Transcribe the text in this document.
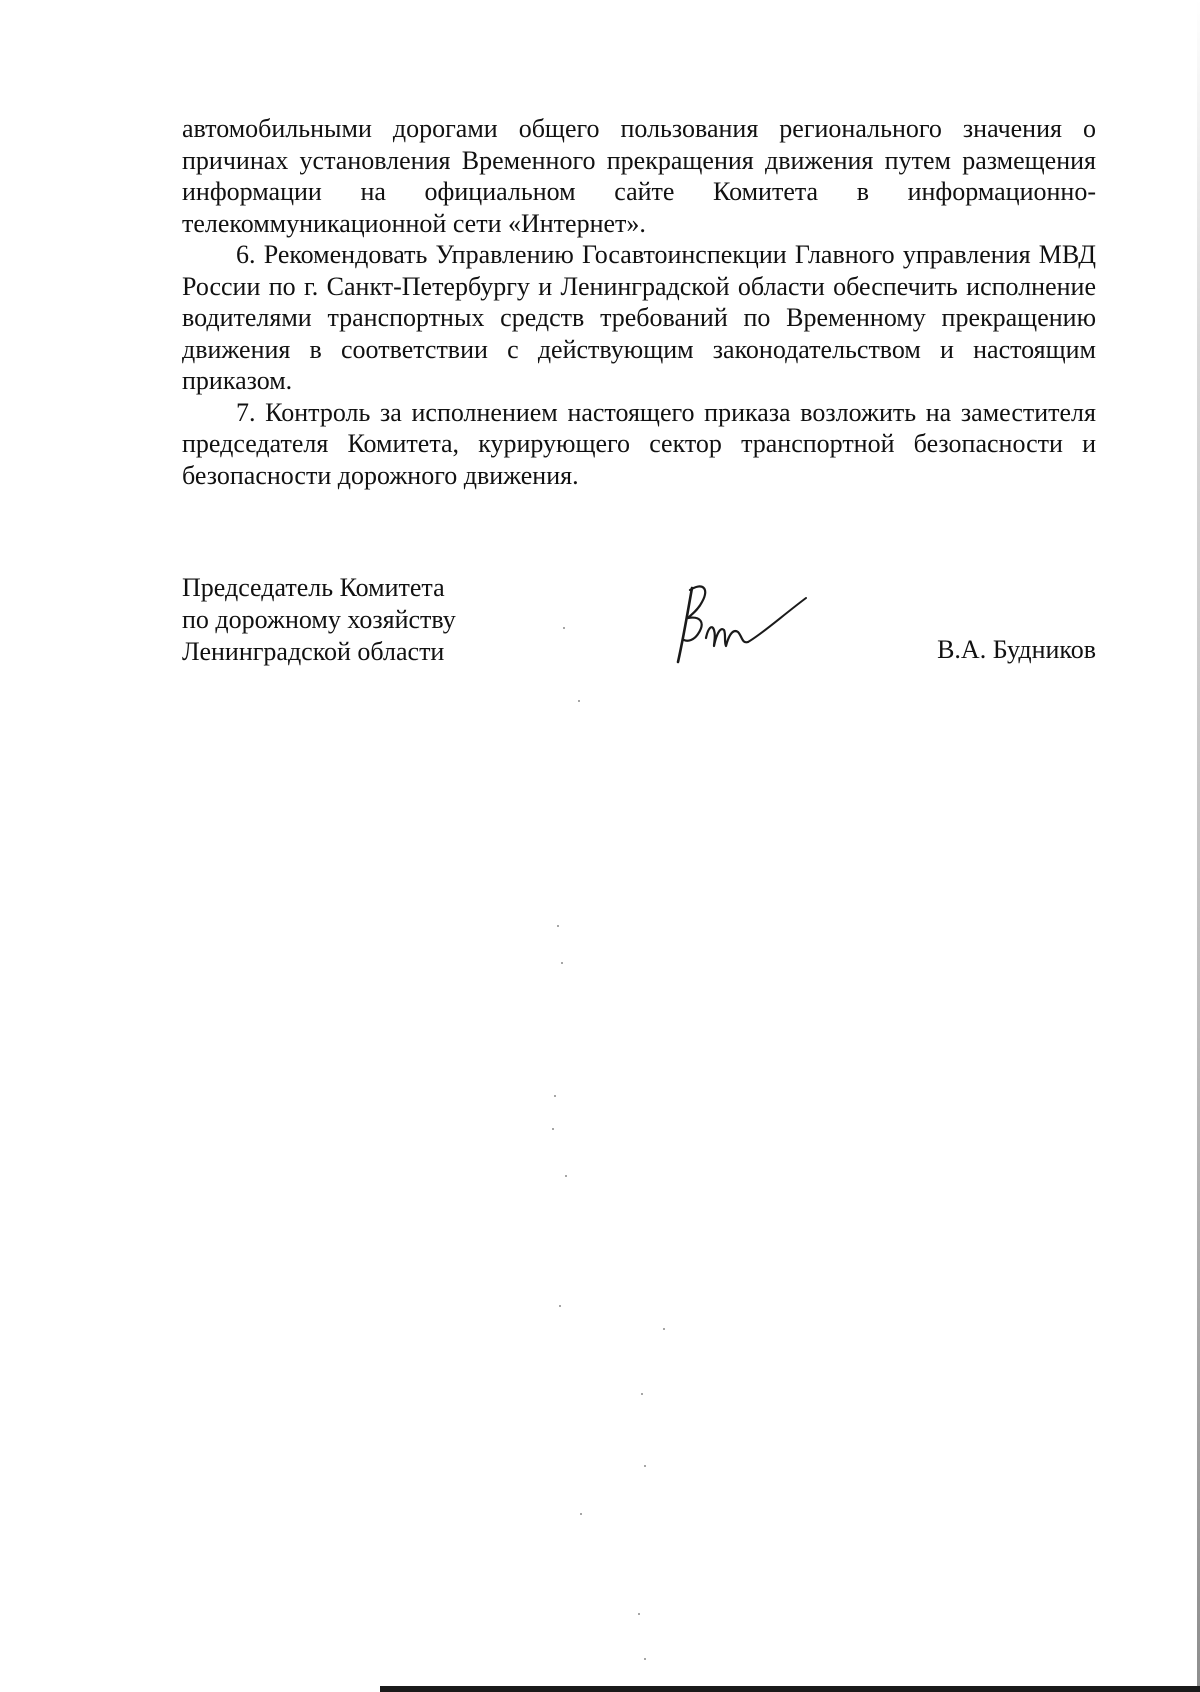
автомобильными дорогами общего пользования регионального значения о причинах установления Временного прекращения движения путем размещения информации на официальном сайте Комитета в информационно-телекоммуникационной сети «Интернет».

6. Рекомендовать Управлению Госавтоинспекции Главного управления МВД России по г. Санкт-Петербургу и Ленинградской области обеспечить исполнение водителями транспортных средств требований по Временному прекращению движения в соответствии с действующим законодательством и настоящим приказом.

7. Контроль за исполнением настоящего приказа возложить на заместителя председателя Комитета, курирующего сектор транспортной безопасности и безопасности дорожного движения.

Председатель Комитета
по дорожному хозяйству
Ленинградской области	В.А. Будников
